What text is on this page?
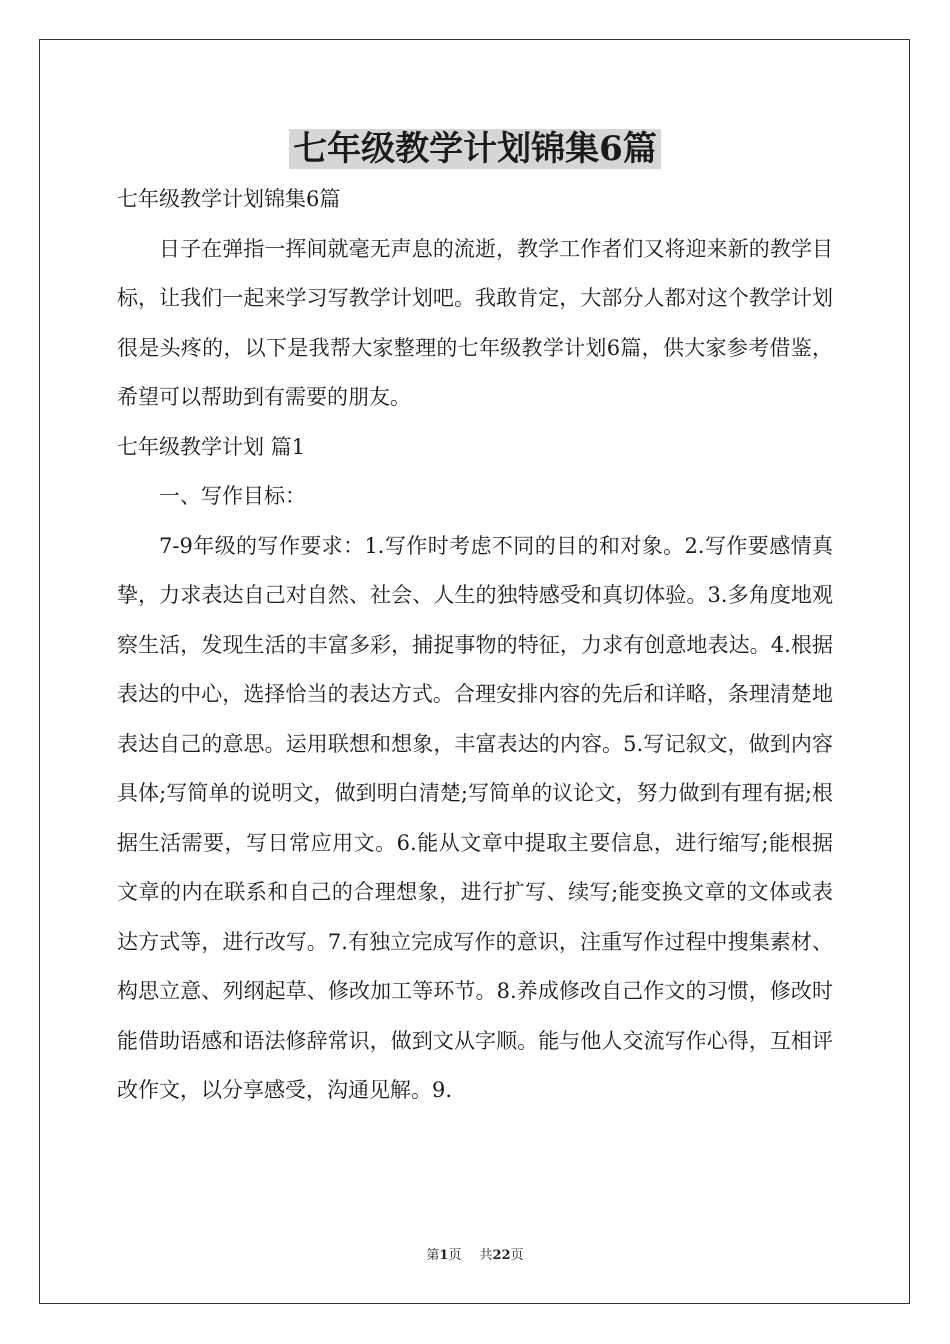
七年级教学计划锦集6篇

七年级教学计划锦集6篇

日子在弹指一挥间就毫无声息的流逝，教学工作者们又将迎来新的教学目标，让我们一起来学习写教学计划吧。我敢肯定，大部分人都对这个教学计划很是头疼的，以下是我帮大家整理的七年级教学计划6篇，供大家参考借鉴，希望可以帮助到有需要的朋友。

七年级教学计划 篇1

一、写作目标：

7-9年级的写作要求：1.写作时考虑不同的目的和对象。2.写作要感情真挚，力求表达自己对自然、社会、人生的独特感受和真切体验。3.多角度地观察生活，发现生活的丰富多彩，捕捉事物的特征，力求有创意地表达。4.根据表达的中心，选择恰当的表达方式。合理安排内容的先后和详略，条理清楚地表达自己的意思。运用联想和想象，丰富表达的内容。5.写记叙文，做到内容具体;写简单的说明文，做到明白清楚;写简单的议论文，努力做到有理有据;根据生活需要，写日常应用文。6.能从文章中提取主要信息，进行缩写;能根据文章的内在联系和自己的合理想象，进行扩写、续写;能变换文章的文体或表达方式等，进行改写。7.有独立完成写作的意识，注重写作过程中搜集素材、构思立意、列纲起草、修改加工等环节。8.养成修改自己作文的习惯，修改时能借助语感和语法修辞常识，做到文从字顺。能与他人交流写作心得，互相评改作文，以分享感受，沟通见解。9.

第1页 共22页
